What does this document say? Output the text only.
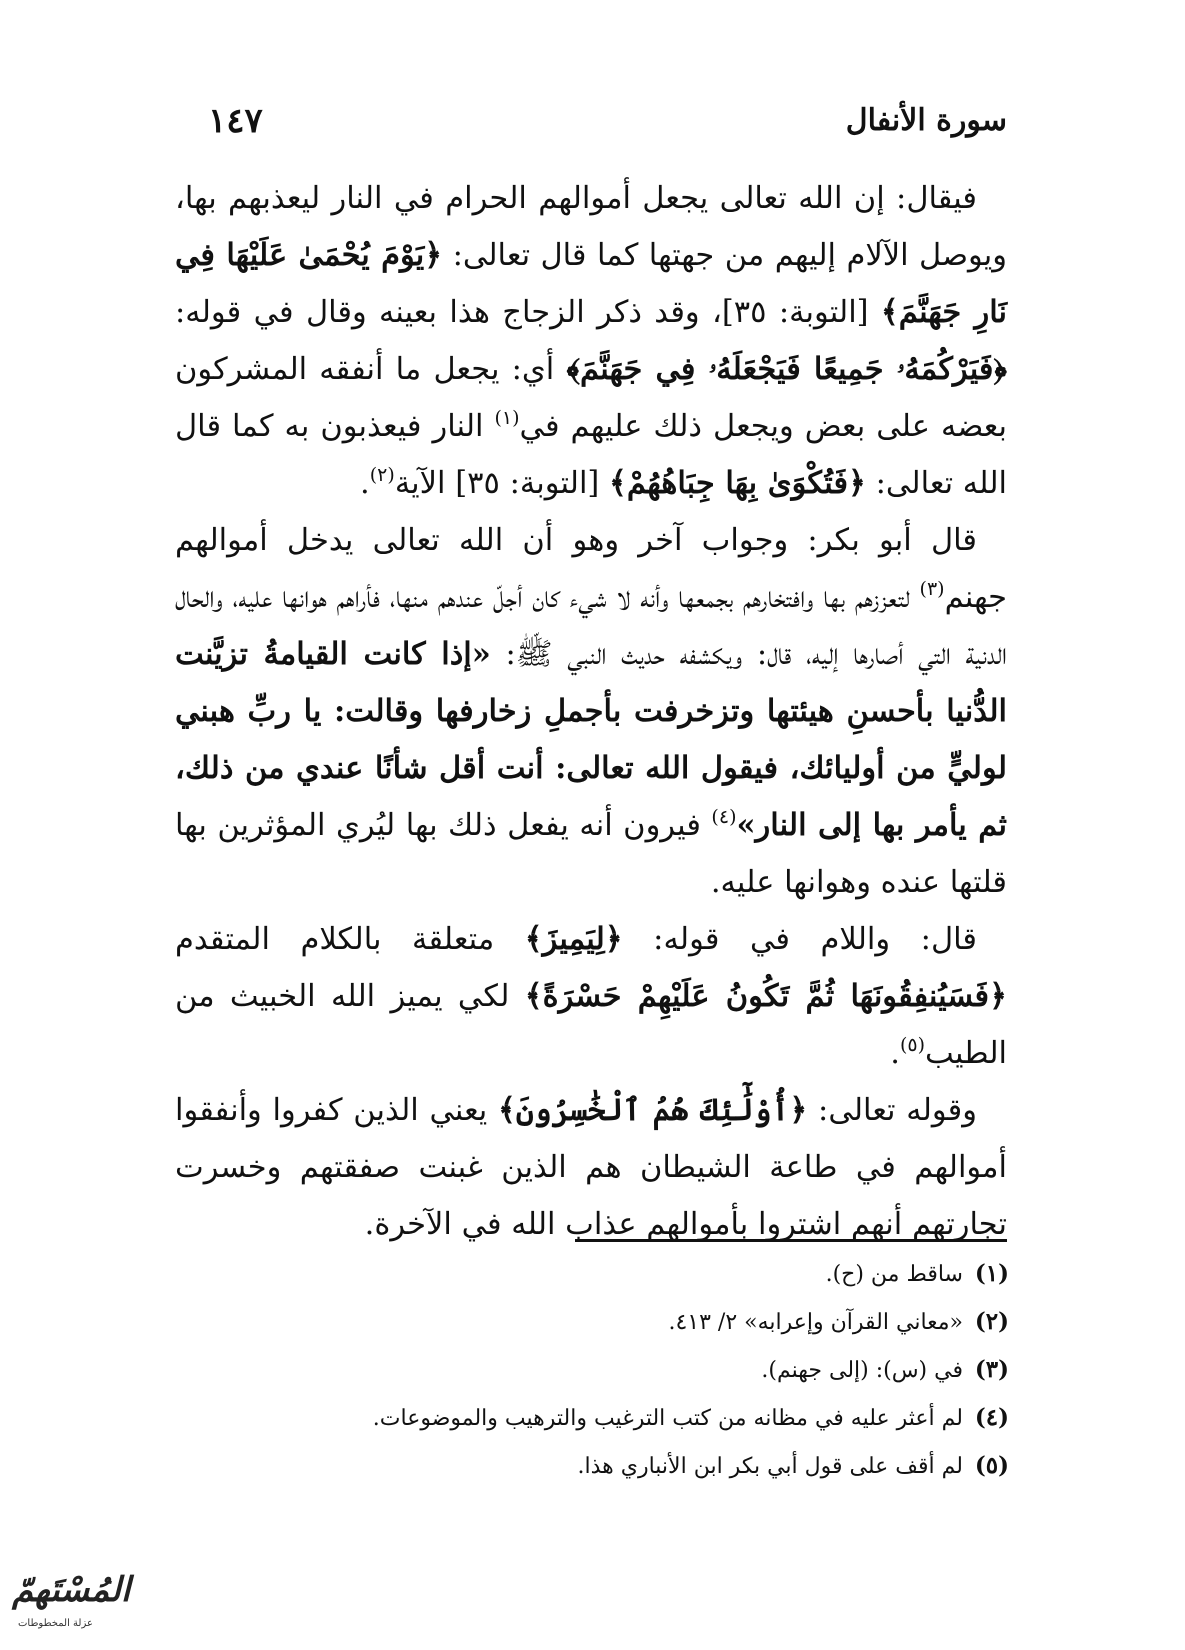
سورة الأنفال
١٤٧

فيقال: إن الله تعالى يجعل أموالهم الحرام في النار ليعذبهم بها، ويوصل الآلام إليهم من جهتها كما قال تعالى: ﴿يَوْمَ يُحْمَىٰ عَلَيْهَا فِي نَارِ جَهَنَّمَ﴾ [التوبة: ٣٥]، وقد ذكر الزجاج هذا بعينه وقال في قوله: ﴿فَيَرْكُمَهُۥ جَمِيعًا فَيَجْعَلَهُۥ فِي جَهَنَّمَ﴾ أي: يجعل ما أنفقه المشركون بعضه على بعض ويجعل ذلك عليهم في$^{(١)}$ النار فيعذبون به كما قال الله تعالى: ﴿فَتُكْوَىٰ بِهَا جِبَاهُهُمْ﴾ [التوبة: ٣٥] الآية$^{(٢)}$.

قال أبو بكر: وجواب آخر وهو أن الله تعالى يدخل أموالهم جهنم$^{(٣)}$ لتعززهم بها وافتخارهم بجمعها وأنه لا شيء كان أجلّ عندهم منها، فأراهم هوانها عليه، والحال الدنية التي أصارها إليه، قال: ويكشفه حديث النبي ﷺ: «إذا كانت القيامةُ تزيَّنت الدُّنيا بأحسنِ هيئتها وتزخرفت بأجملِ زخارفها وقالت: يا ربِّ هبني لوليٍّ من أوليائك، فيقول الله تعالى: أنت أقل شأنًا عندي من ذلك، ثم يأمر بها إلى النار»$^{(٤)}$ فيرون أنه يفعل ذلك بها ليُري المؤثرين بها قلتها عنده وهوانها عليه.

قال: واللام في قوله: ﴿لِيَمِيزَ﴾ متعلقة بالكلام المتقدم ﴿فَسَيُنفِقُونَهَا ثُمَّ تَكُونُ عَلَيْهِمْ حَسْرَةً﴾ لكي يميز الله الخبيث من الطيب$^{(٥)}$.

وقوله تعالى: ﴿أُوْلَٰٓئِكَ هُمُ ٱلْخَٰسِرُونَ﴾ يعني الذين كفروا وأنفقوا أموالهم في طاعة الشيطان هم الذين غبنت صفقتهم وخسرت تجارتهم أنهم اشتروا بأموالهم عذاب الله في الآخرة.

(١)
ساقط من (ح).
(٢)
«معاني القرآن وإعرابه» ٢/ ٤١٣.
(٣)
في (س): (إلى جهنم).
(٤)
لم أعثر عليه في مظانه من كتب الترغيب والترهيب والموضوعات.
(٥)
لم أقف على قول أبي بكر ابن الأنباري هذا.
المُسْتَهمّ
عزلة المخطوطات
